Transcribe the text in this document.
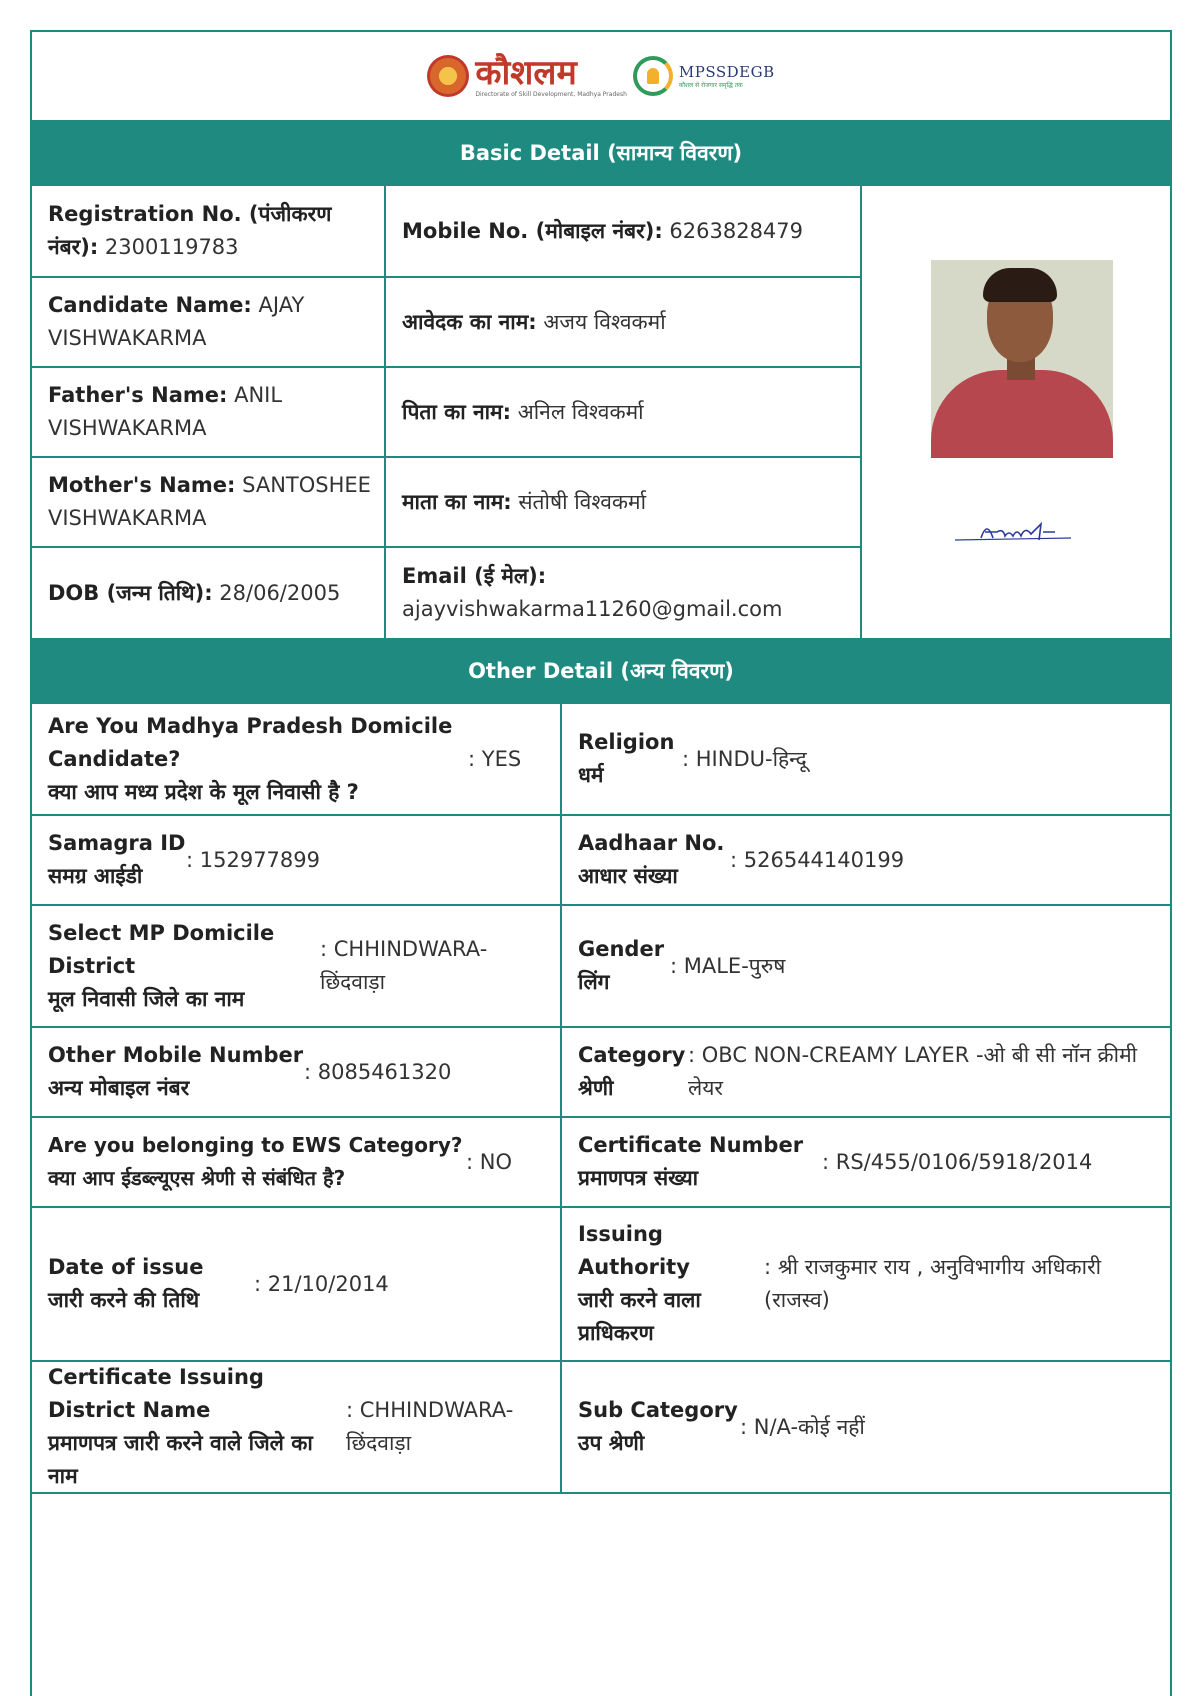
कौशलम
Directorate of Skill Development, Madhya Pradesh
MPSSDEGB
कौशल से रोजगार समृद्धि तक
Basic Detail (सामान्य विवरण)
Registration No. (पंजीकरण नंबर): 2300119783
Mobile No. (मोबाइल नंबर): 6263828479
Candidate Name: AJAY VISHWAKARMA
आवेदक का नाम: अजय विश्वकर्मा
Father's Name: ANIL VISHWAKARMA
पिता का नाम: अनिल विश्वकर्मा
Mother's Name: SANTOSHEE VISHWAKARMA
माता का नाम: संतोषी विश्वकर्मा
DOB (जन्म तिथि): 28/06/2005
Email (ई मेल):
ajayvishwakarma11260@gmail.com
Other Detail (अन्य विवरण)
Are You Madhya Pradesh Domicile Candidate?
क्या आप मध्य प्रदेश के मूल निवासी है ?
: YES
Religion
धर्म
: HINDU-हिन्दू
Samagra ID
समग्र आईडी
: 152977899
Aadhaar No.
आधार संख्या
: 526544140199
Select MP Domicile District
मूल निवासी जिले का नाम
: CHHINDWARA-छिंदवाड़ा
Gender
लिंग
: MALE-पुरुष
Other Mobile Number
अन्य मोबाइल नंबर
: 8085461320
Category
श्रेणी
: OBC NON-CREAMY LAYER -ओ बी सी नॉन क्रीमी लेयर
Are you belonging to EWS Category?
क्या आप ईडब्ल्यूएस श्रेणी से संबंधित है?
: NO
Certificate Number
प्रमाणपत्र संख्या
: RS/455/0106/5918/2014
Date of issue
जारी करने की तिथि
: 21/10/2014
Issuing Authority
जारी करने वाला प्राधिकरण
: श्री राजकुमार राय , अनुविभागीय अधिकारी (राजस्व)
Certificate Issuing District Name
प्रमाणपत्र जारी करने वाले जिले का नाम
: CHHINDWARA-छिंदवाड़ा
Sub Category
उप श्रेणी
: N/A-कोई नहीं
